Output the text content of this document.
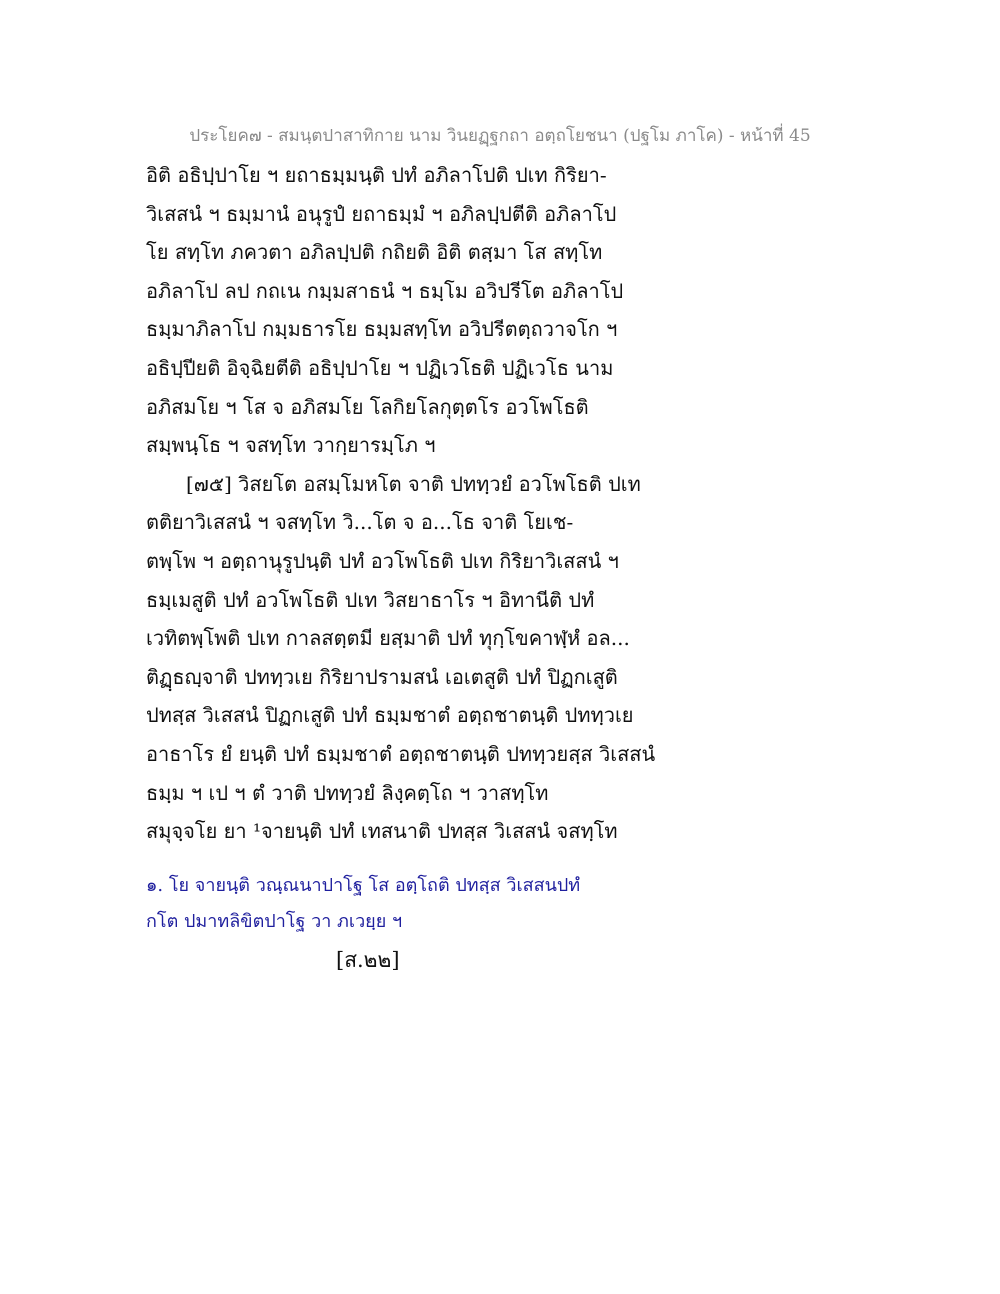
ประโยค๗ - สมนฺตปาสาทิกาย นาม วินยฏฺฐกถา อตฺถโยชนา (ปฐโม ภาโค) - หน้าที่ 45
อิติ อธิปฺปาโย ฯ ยถาธมฺมนฺติ ปทํ อภิลาโปติ ปเท กิริยา-
วิเสสนํ ฯ ธมฺมานํ อนุรูปํ ยถาธมฺมํ ฯ อภิลปฺปตีติ อภิลาโป
โย สทฺโท ภควตา อภิลปฺปติ กถิยติ อิติ ตสฺมา โส สทฺโท
อภิลาโป ลป กถเน กมฺมสาธนํ ฯ ธมฺโม อวิปรีโต อภิลาโป
ธมฺมาภิลาโป กมฺมธารโย ธมฺมสทฺโท อวิปรีตตฺถวาจโก ฯ
อธิปฺปียติ อิจฺฉิยตีติ อธิปฺปาโย ฯ ปฏิเวโธติ ปฏิเวโธ นาม
อภิสมโย ฯ โส จ อภิสมโย โลกิยโลกุตฺตโร อวโพโธติ
สมฺพนฺโธ ฯ จสทฺโท วากฺยารมฺโภ ฯ
[๗๕] วิสยโต อสมฺโมหโต จาติ ปททฺวยํ อวโพโธติ ปเท
ตติยาวิเสสนํ ฯ จสทฺโท วิ...โต จ อ...โธ จาติ โยเช-
ตพฺโพ ฯ อตฺถานุรูปนฺติ ปทํ อวโพโธติ ปเท กิริยาวิเสสนํ ฯ
ธมฺเมสูติ ปทํ อวโพโธติ ปเท วิสยาธาโร ฯ อิทานีติ ปทํ
เวทิตพฺโพติ ปเท กาลสตฺตมี ยสฺมาติ ปทํ ทุกฺโขคาฬฺหํ อล...
ติฏฺธญฺจาติ ปททฺวเย กิริยาปรามสนํ เอเตสูติ ปทํ ปิฏกเสูติ
ปทสฺส วิเสสนํ ปิฏกเสูติ ปทํ ธมฺมชาตํ อตฺถชาตนฺติ ปททฺวเย
อาธาโร ยํ ยนฺติ ปทํ ธมฺมชาตํ อตฺถชาตนฺติ ปททฺวยสฺส วิเสสนํ
ธมฺม ฯ เป ฯ ตํ วาติ ปททฺวยํ ลิงฺคตฺโถ ฯ วาสทฺโท
สมุจฺจโย ยา ¹จายนฺติ ปทํ เทสนาติ ปทสฺส วิเสสนํ จสทฺโท
๑. โย จายนฺติ วณฺณนาปาโฐ โส อตฺโถติ ปทสฺส วิเสสนปทํ
กโต ปมาทลิขิตปาโฐ วา ภเวยฺย ฯ
[ส.๒๒]
